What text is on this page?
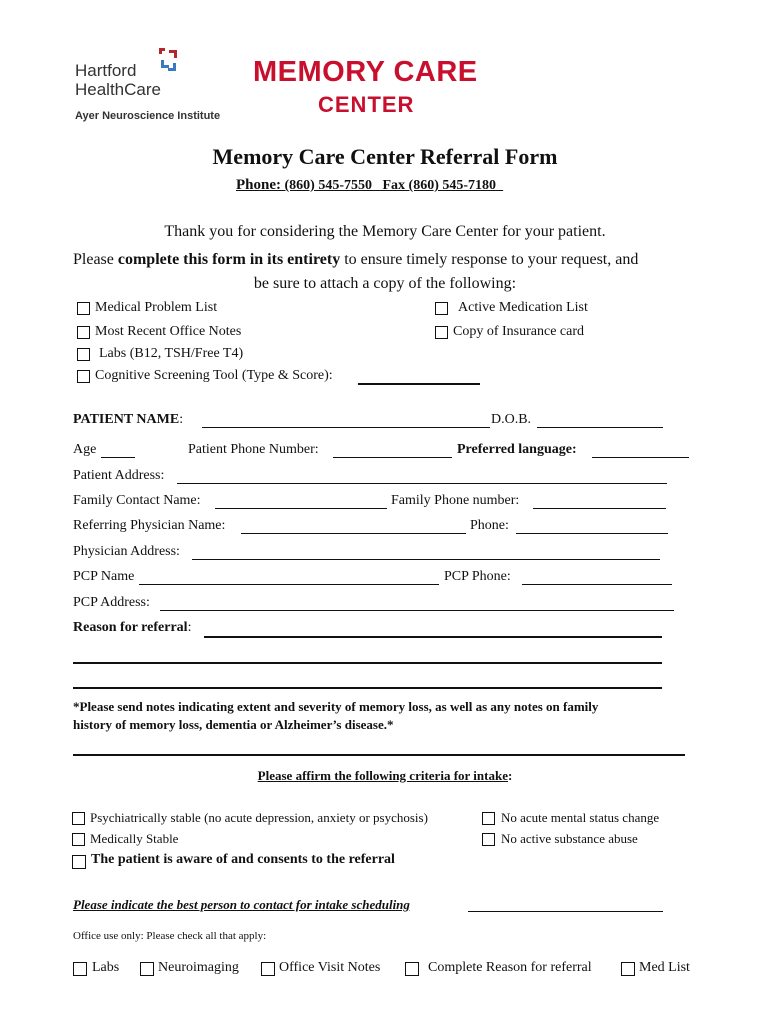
Hartford
HealthCare
Ayer Neuroscience Institute
MEMORY CARE
CENTER
Memory Care Center Referral Form
Phone: (860) 545-7550   Fax (860) 545-7180_
Thank you for considering the Memory Care Center for your patient.
Please complete this form in its entirety to ensure timely response to your request, and
be sure to attach a copy of the following:
Medical Problem List	Active Medication List
Most Recent Office Notes	Copy of Insurance card
Labs (B12, TSH/Free T4)
Cognitive Screening Tool (Type & Score):
PATIENT NAME:	D.O.B.
Age	Patient Phone Number:	Preferred language:
Patient Address:
Family Contact Name:	Family Phone number:
Referring Physician Name:	Phone:
Physician Address:
PCP Name	PCP Phone:
PCP Address:
Reason for referral:
*Please send notes indicating extent and severity of memory loss, as well as any notes on family
history of memory loss, dementia or Alzheimer’s disease.*
Please affirm the following criteria for intake:
Psychiatrically stable (no acute depression, anxiety or psychosis)	No acute mental status change
Medically Stable	No active substance abuse
The patient is aware of and consents to the referral
Please indicate the best person to contact for intake scheduling
Office use only: Please check all that apply:
Labs	Neuroimaging	Office Visit Notes	Complete Reason for referral	Med List
